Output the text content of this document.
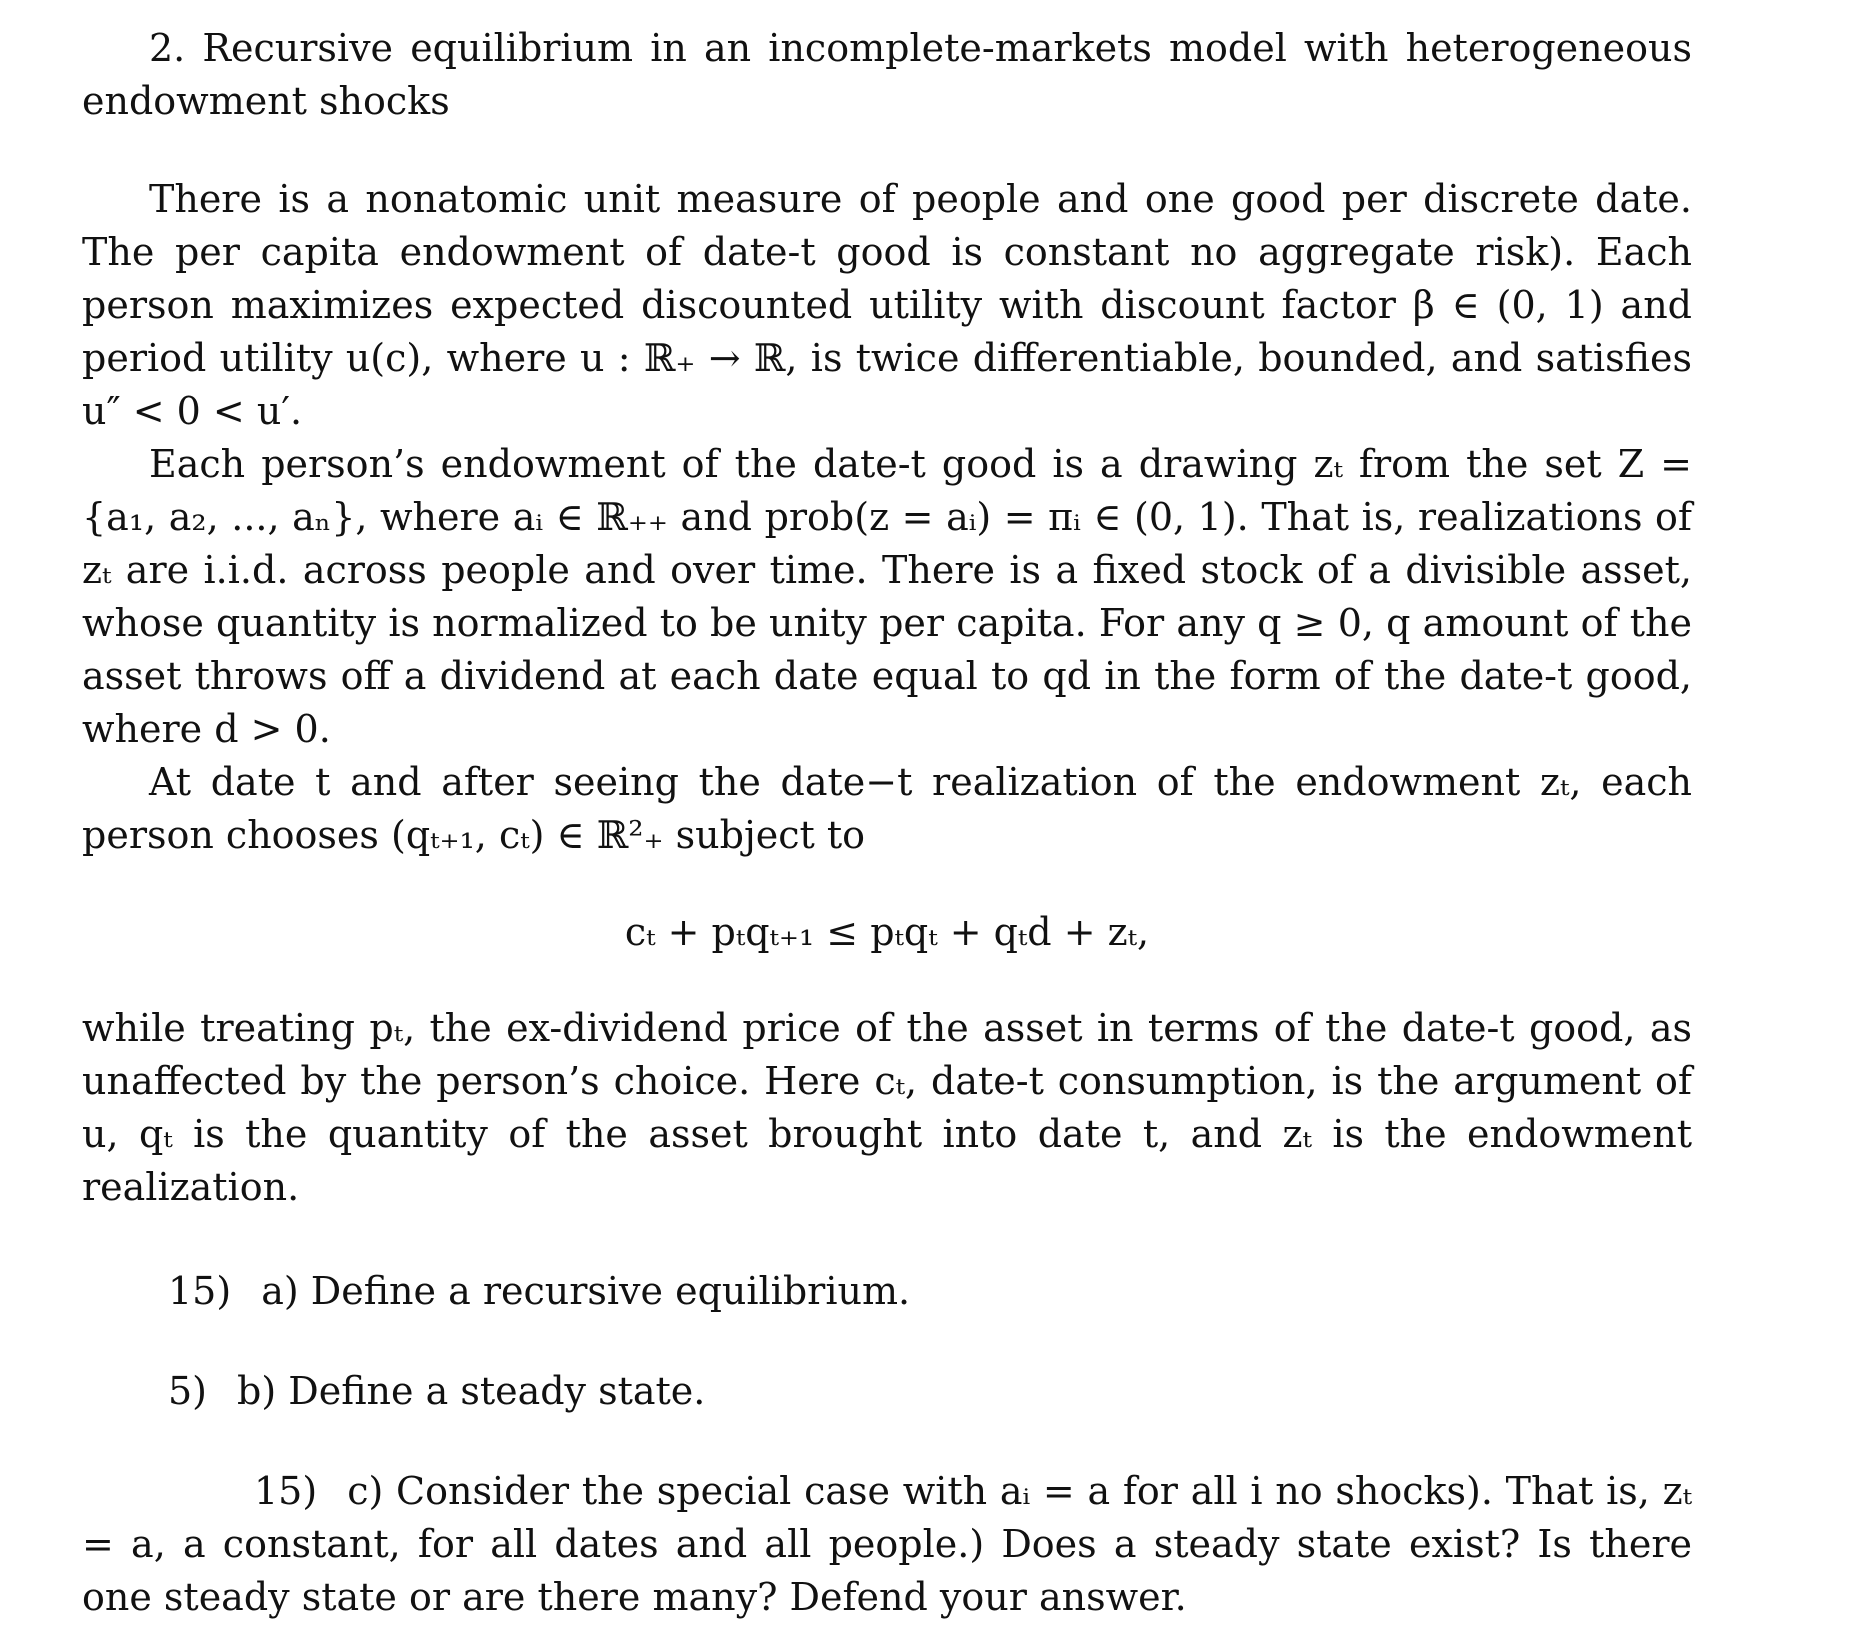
2. Recursive equilibrium in an incomplete-markets model with heterogeneous endowment shocks

There is a nonatomic unit measure of people and one good per discrete date. The per capita endowment of date-t good is constant no aggregate risk). Each person maximizes expected discounted utility with discount factor β ∈ (0, 1) and period utility u(c), where u : ℝ₊ → ℝ, is twice differentiable, bounded, and satisfies u″ < 0 < u′.

Each person’s endowment of the date-t good is a drawing zₜ from the set Z = {a₁, a₂, ..., aₙ}, where aᵢ ∈ ℝ₊₊ and prob(z = aᵢ) = πᵢ ∈ (0, 1). That is, realizations of zₜ are i.i.d. across people and over time. There is a fixed stock of a divisible asset, whose quantity is normalized to be unity per capita. For any q ≥ 0, q amount of the asset throws off a dividend at each date equal to qd in the form of the date-t good, where d > 0.

At date t and after seeing the date−t realization of the endowment zₜ, each person chooses (qₜ₊₁, cₜ) ∈ ℝ²₊ subject to

cₜ + pₜqₜ₊₁ ≤ pₜqₜ + qₜd + zₜ,

while treating pₜ, the ex-dividend price of the asset in terms of the date-t good, as unaffected by the person’s choice. Here cₜ, date-t consumption, is the argument of u, qₜ is the quantity of the asset brought into date t, and zₜ is the endowment realization.

15) a) Define a recursive equilibrium.
5) b) Define a steady state.
15) c) Consider the special case with aᵢ = a for all i no shocks). That is, zₜ = a, a constant, for all dates and all people.) Does a steady state exist? Is there one steady state or are there many? Defend your answer.
